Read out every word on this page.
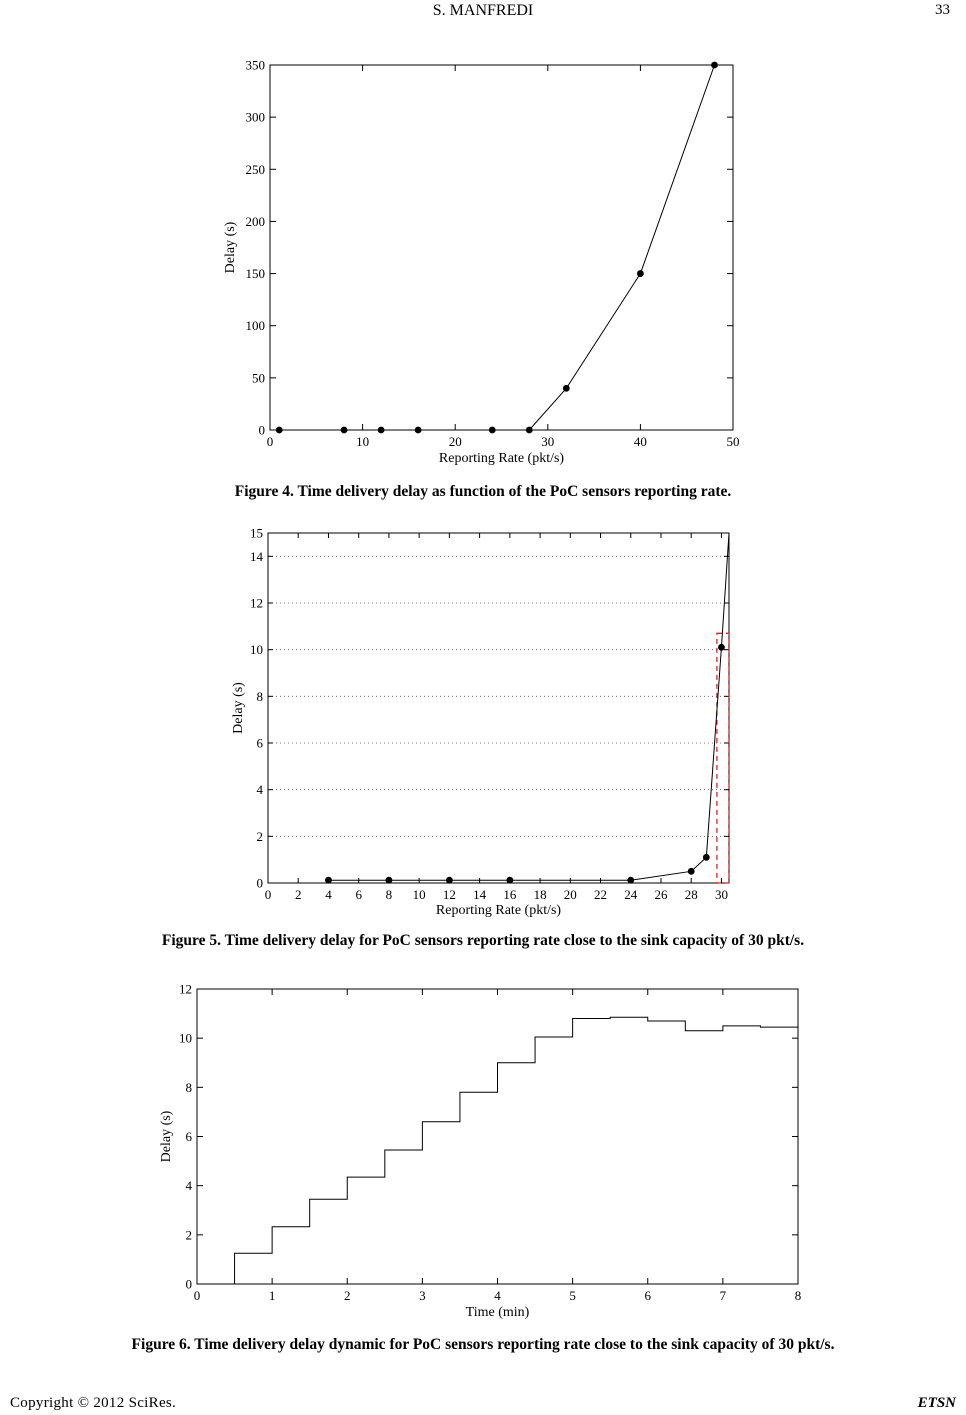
S. MANFREDI	33
0	10	20	30	40	50
0
50
100
150
200
250
300
350
Reporting Rate (pkt/s)
Delay (s)
Figure 4. Time delivery delay as function of the PoC sensors reporting rate.
0 2 4 6 8 10 12 14 16 18 20 22 24 26 28 30
0
2
4
6
8
10
12
14
15
Reporting Rate (pkt/s)
Delay (s)
Figure 5. Time delivery delay for PoC sensors reporting rate close to the sink capacity of 30 pkt/s.
0	1	2	3	4	5	6	7	8
0
2
4
6
8
10
12
Time (min)
Delay (s)
Figure 6. Time delivery delay dynamic for PoC sensors reporting rate close to the sink capacity of 30 pkt/s.
Copyright © 2012 SciRes.	ETSN
